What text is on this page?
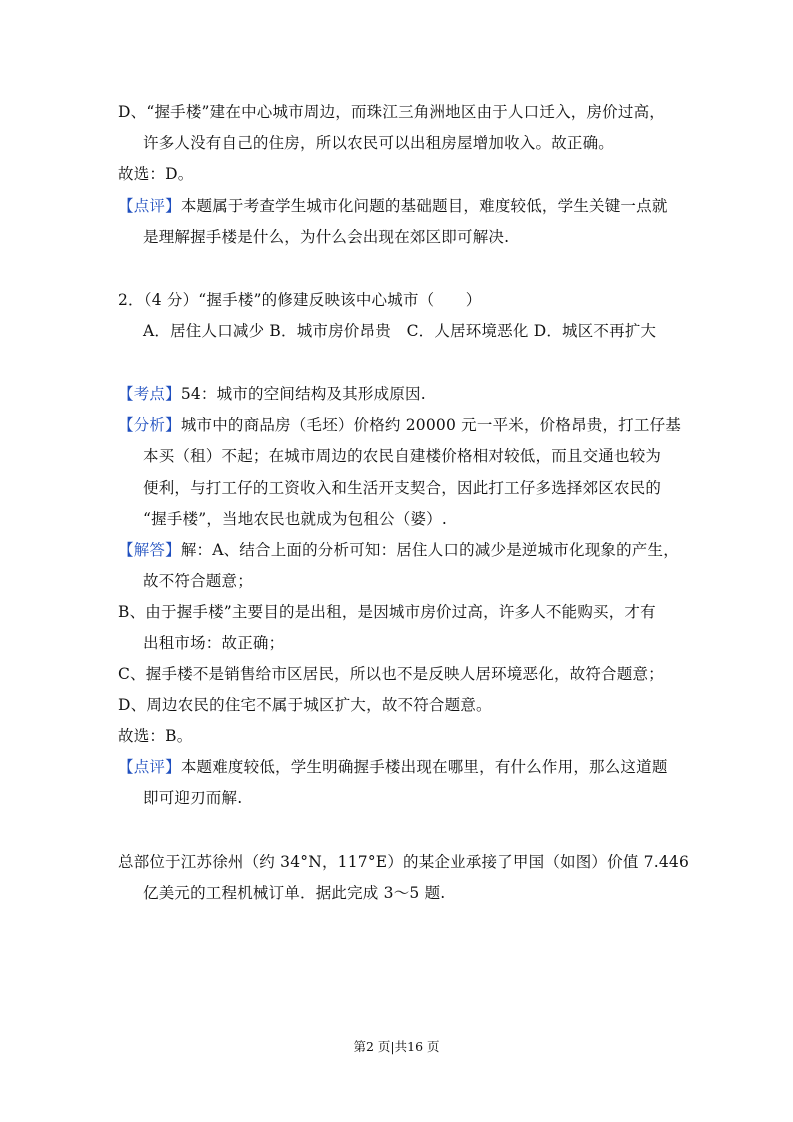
D、“握手楼”建在中心城市周边，而珠江三角洲地区由于人口迁入，房价过高，
许多人没有自己的住房，所以农民可以出租房屋增加收入。故正确。
故选：D。
【点评】本题属于考查学生城市化问题的基础题目，难度较低，学生关键一点就
是理解握手楼是什么，为什么会出现在郊区即可解决.
2．（4 分）“握手楼”的修建反映该中心城市（　　）
A．居住人口减少 B．城市房价昂贵　C．人居环境恶化 D．城区不再扩大
【考点】54：城市的空间结构及其形成原因.
【分析】城市中的商品房（毛坯）价格约 20000 元一平米，价格昂贵，打工仔基
本买（租）不起；在城市周边的农民自建楼价格相对较低，而且交通也较为
便利，与打工仔的工资收入和生活开支契合，因此打工仔多选择郊区农民的
“握手楼”，当地农民也就成为包租公（婆）.
【解答】解：A、结合上面的分析可知：居住人口的减少是逆城市化现象的产生，
故不符合题意；
B、由于握手楼”主要目的是出租，是因城市房价过高，许多人不能购买，才有
出租市场：故正确；
C、握手楼不是销售给市区居民，所以也不是反映人居环境恶化，故符合题意；
D、周边农民的住宅不属于城区扩大，故不符合题意。
故选：B。
【点评】本题难度较低，学生明确握手楼出现在哪里，有什么作用，那么这道题
即可迎刃而解.
总部位于江苏徐州（约 34°N，117°E）的某企业承接了甲国（如图）价值 7.446
亿美元的工程机械订单．据此完成 3～5 题.
第2 页|共16 页
